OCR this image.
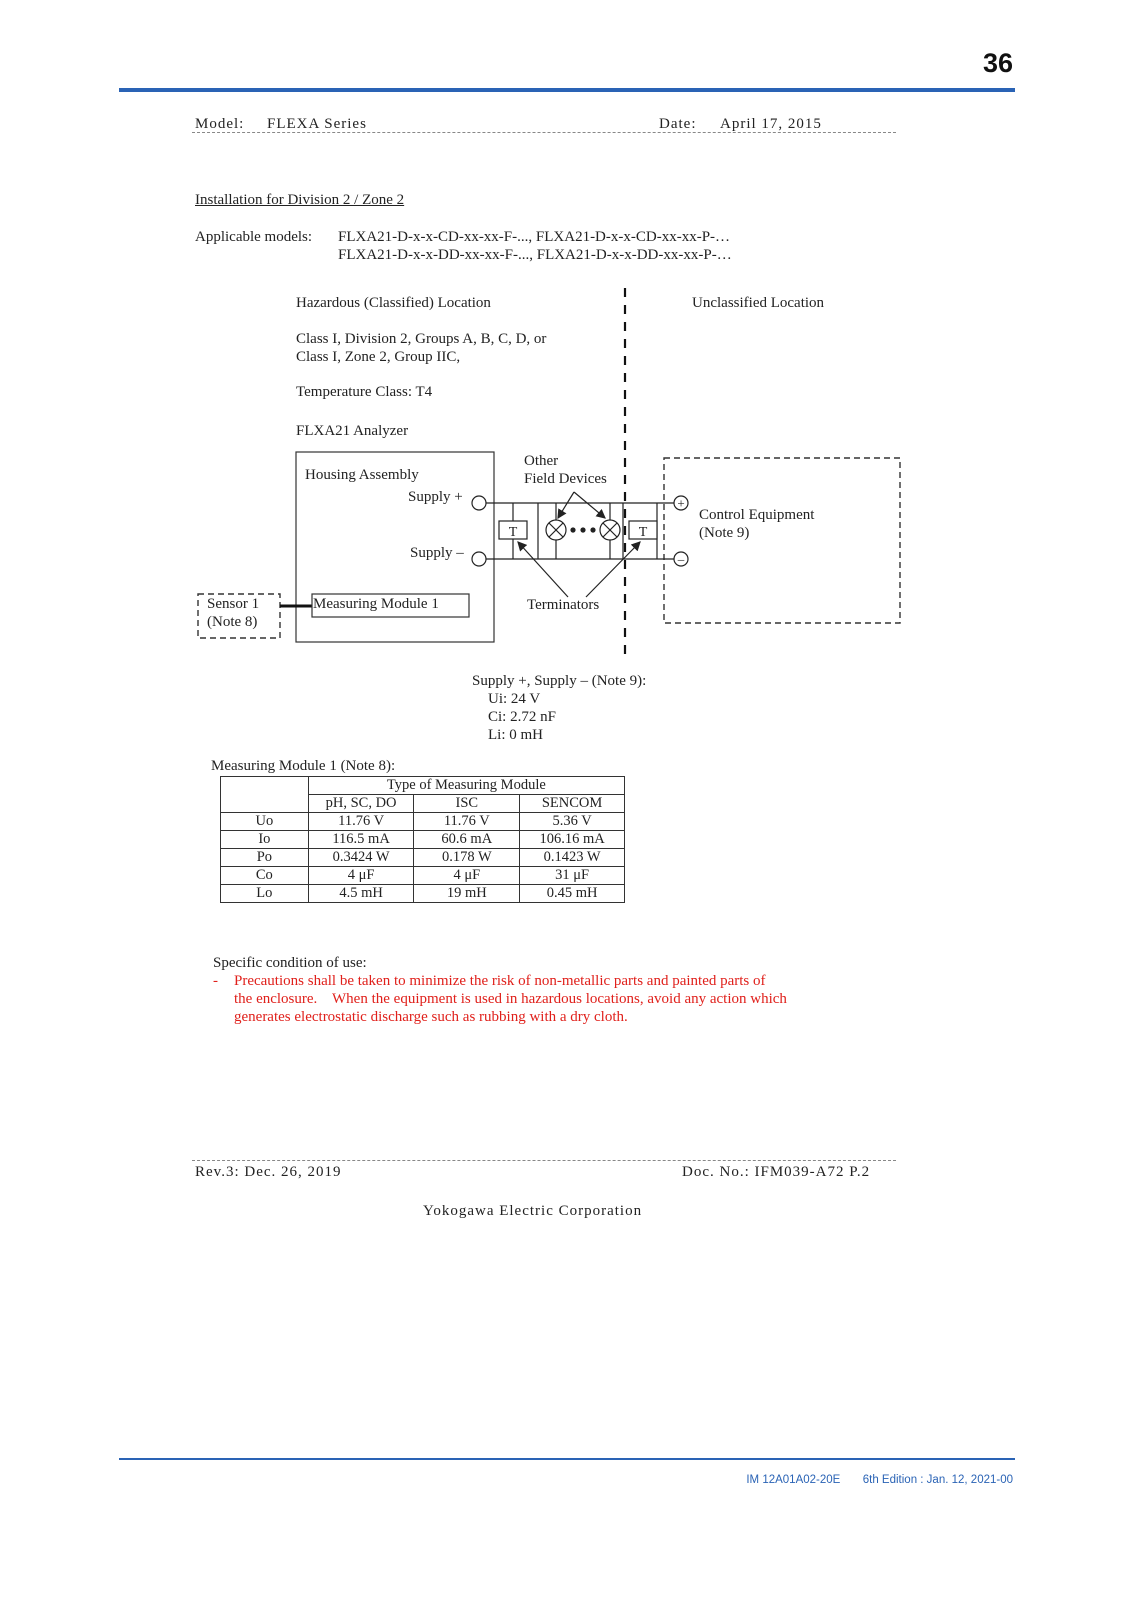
36
Model: FLEXA Series	Date: April 17, 2015
Installation for Division 2 / Zone 2
Applicable models: FLXA21-D-x-x-CD-xx-xx-F-..., FLXA21-D-x-x-CD-xx-xx-P-…
FLXA21-D-x-x-DD-xx-xx-F-..., FLXA21-D-x-x-DD-xx-xx-P-…
+
–
T	T
Hazardous (Classified) Location	Unclassified Location
Class I, Division 2, Groups A, B, C, D, or
Class I, Zone 2, Group IIC,
Temperature Class: T4
FLXA21 Analyzer
Housing Assembly
Supply +
Supply –
Other
Field Devices
Terminators
Control Equipment
(Note 9)
Sensor 1
(Note 8)
Measuring Module 1
Supply +, Supply – (Note 9):
Ui: 24 V
Ci: 2.72 nF
Li: 0 mH
Measuring Module 1 (Note 8):
	Type of Measuring Module		
	pH, SC, DO	ISC	SENCOM
Uo	11.76 V	11.76 V	5.36 V
Io	116.5 mA	60.6 mA	106.16 mA
Po	0.3424 W	0.178 W	0.1423 W
Co	4 μF	4 μF	31 μF
Lo	4.5 mH	19 mH	0.45 mH
Specific condition of use:
- Precautions shall be taken to minimize the risk of non-metallic parts and painted parts of
the enclosure.    When the equipment is used in hazardous locations, avoid any action which
generates electrostatic discharge such as rubbing with a dry cloth.
Rev.3: Dec. 26, 2019	Doc. No.: IFM039-A72 P.2
Yokogawa Electric Corporation
IM 12A01A02-20E 6th Edition : Jan. 12, 2021-00
